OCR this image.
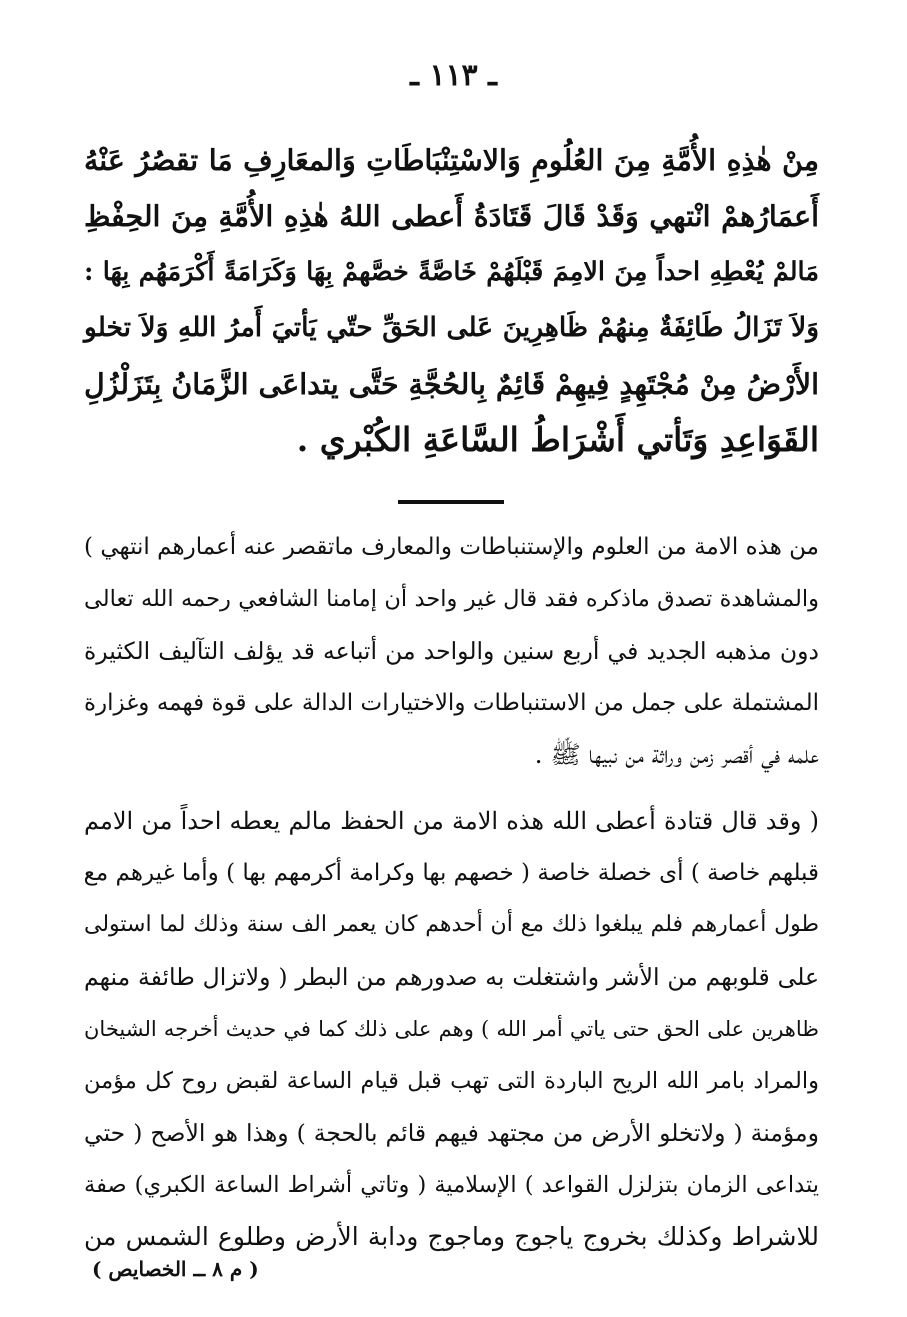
ـ ١١٣ ـ
مِنْ هٰذِهِ الأُمَّةِ مِنَ العُلُومِ وَالاسْتِنْبَاطَاتِ وَالمعَارِفِ مَا تقصُرُ عَنْهُ
أَعمَارُهمْ انْتهي وَقَدْ قَالَ قَتَادَةُ أَعطى اللهُ هٰذِهِ الأُمَّةِ مِنَ الحِفْظِ
مَالمْ يُعْطِهِ احداً مِنَ الامِمَ قَبْلَهُمْ خَاصَّةً خصَّهمْ بِهَا وَكَرَامَةً أَكْرَمَهُم بِهَا :
وَلاَ تَزَالُ طَائِفَةٌ مِنهُمْ ظَاهِرِينَ عَلى الحَقِّ حتّي يَأتيَ أَمرُ اللهِ وَلاَ تخلو
الأَرْضُ مِنْ مُجْتَهِدٍ فِيهِمْ قَائِمٌ بِالحُجَّةِ حَتَّى يتداعَى الزَّمَانُ بِتَزَلْزُلِ
القَوَاعِدِ وَتَأتي أَشْرَاطُ السَّاعَةِ الكُبْري .
من هذه الامة من العلوم والإستنباطات والمعارف ماتقصر عنه أعمارهم انتهي )
والمشاهدة تصدق ماذكره فقد قال غير واحد أن إمامنا الشافعي رحمه الله تعالى
دون مذهبه الجديد في أربع سنين والواحد من أتباعه قد يؤلف التآليف الكثيرة
المشتملة على جمل من الاستنباطات والاختيارات الدالة على قوة فهمه وغزارة
علمه في أقصر زمن وراثة من نبيها ﷺ .
( وقد قال قتادة أعطى الله هذه الامة من الحفظ مالم يعطه احداً من الامم
قبلهم خاصة ) أى خصلة خاصة ( خصهم بها وكرامة أكرمهم بها ) وأما غيرهم مع
طول أعمارهم فلم يبلغوا ذلك مع أن أحدهم كان يعمر الف سنة وذلك لما استولى
على قلوبهم من الأشر واشتغلت به صدورهم من البطر ( ولاتزال طائفة منهم
ظاهرين على الحق حتى ياتي أمر الله ) وهم على ذلك كما في حديث أخرجه الشيخان
والمراد بامر الله الريح الباردة التى تهب قبل قيام الساعة لقبض روح كل مؤمن
ومؤمنة ( ولاتخلو الأرض من مجتهد فيهم قائم بالحجة ) وهذا هو الأصح ( حتي
يتداعى الزمان بتزلزل القواعد ) الإسلامية ( وتاتي أشراط الساعة الكبري) صفة
للاشراط وكذلك بخروج ياجوج وماجوج ودابة الأرض وطلوع الشمس من
( م ٨ ــ الخصايص )
